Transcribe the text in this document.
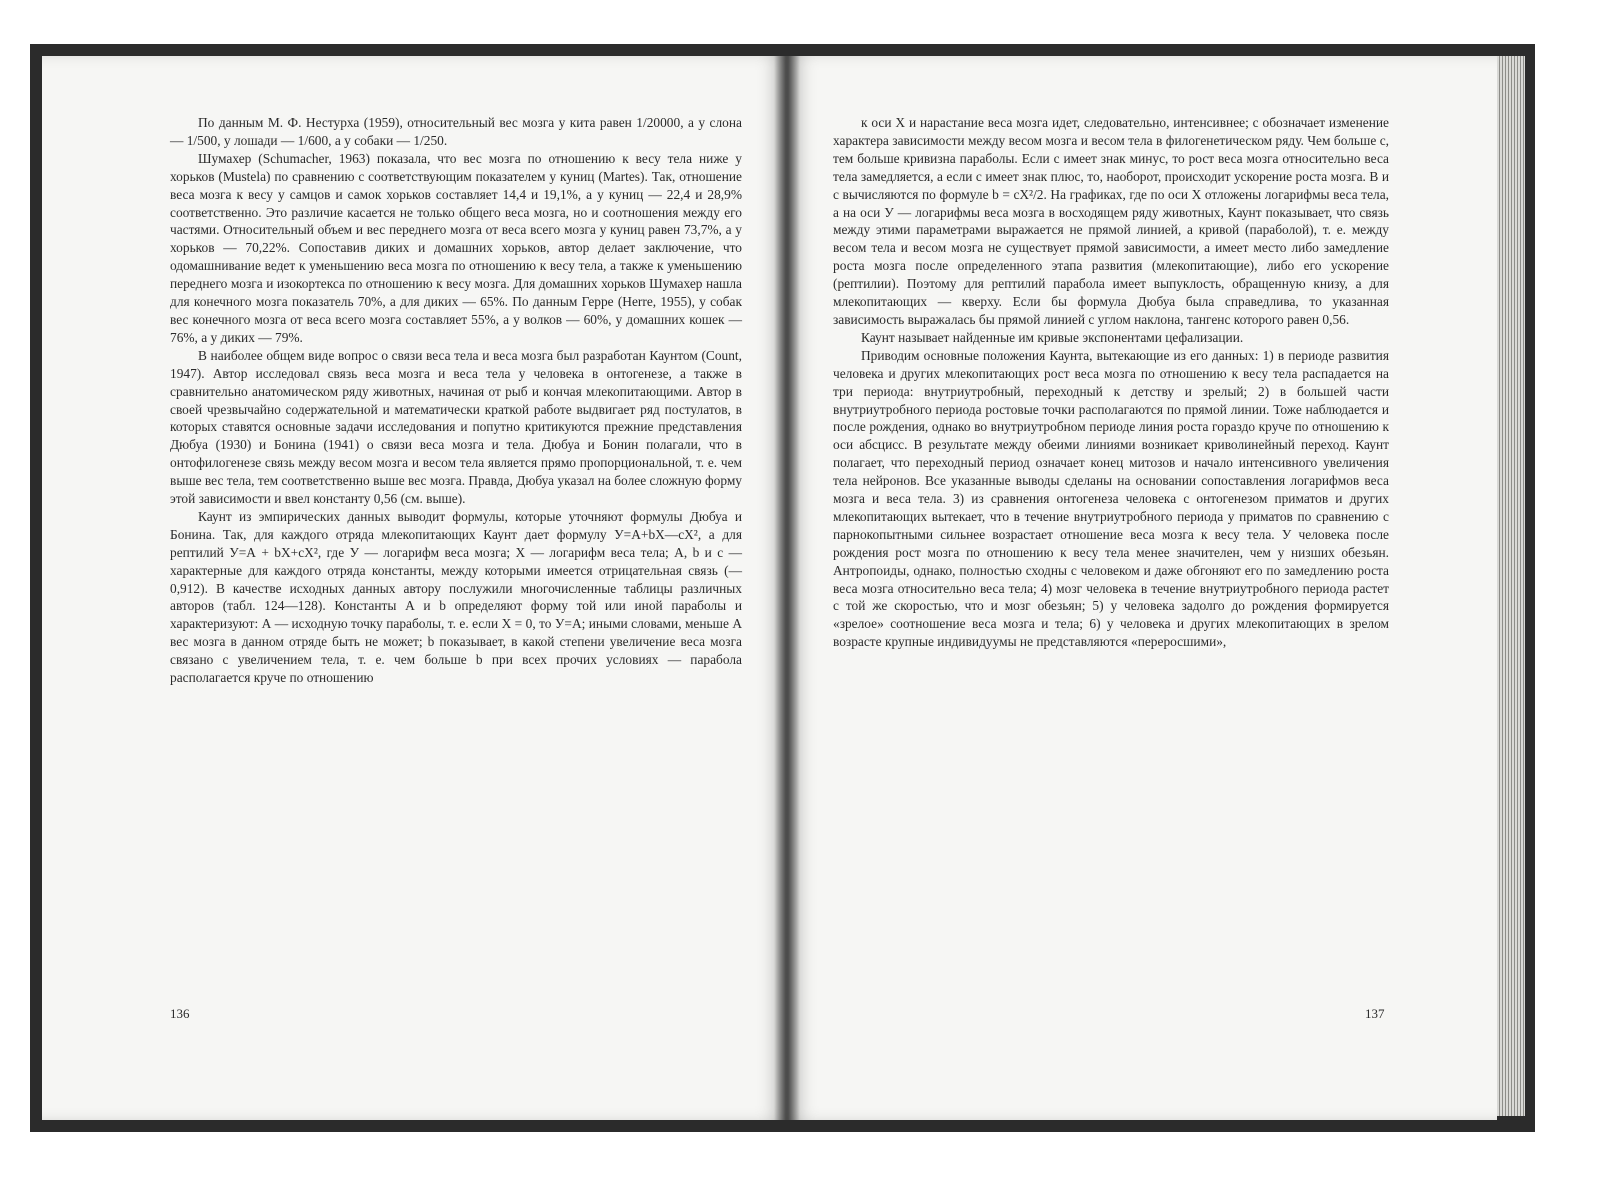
По данным М. Ф. Нестурха (1959), относительный вес мозга у кита равен 1/20000, а у слона — 1/500, у лошади — 1/600, а у собаки — 1/250.

Шумахер (Schumacher, 1963) показала, что вес мозга по отношению к весу тела ниже у хорьков (Mustela) по сравнению с соответствующим показателем у куниц (Martes). Так, отношение веса мозга к весу у самцов и самок хорьков составляет 14,4 и 19,1%, а у куниц — 22,4 и 28,9% соответственно. Это различие касается не только общего веса мозга, но и соотношения между его частями. Относительный объем и вес переднего мозга от веса всего мозга у куниц равен 73,7%, а у хорьков — 70,22%. Сопоставив диких и домашних хорьков, автор делает заключение, что одомашнивание ведет к уменьшению веса мозга по отношению к весу тела, а также к уменьшению переднего мозга и изокортекса по отношению к весу мозга. Для домашних хорьков Шумахер нашла для конечного мозга показатель 70%, а для диких — 65%. По данным Герре (Herre, 1955), у собак вес конечного мозга от веса всего мозга составляет 55%, а у волков — 60%, у домашних кошек — 76%, а у диких — 79%.

В наиболее общем виде вопрос о связи веса тела и веса мозга был разработан Каунтом (Count, 1947). Автор исследовал связь веса мозга и веса тела у человека в онтогенезе, а также в сравнительно анатомическом ряду животных, начиная от рыб и кончая млекопитающими. Автор в своей чрезвычайно содержательной и математически краткой работе выдвигает ряд постулатов, в которых ставятся основные задачи исследования и попутно критикуются прежние представления Дюбуа (1930) и Бонина (1941) о связи веса мозга и тела. Дюбуа и Бонин полагали, что в онтофилогенезе связь между весом мозга и весом тела является прямо пропорциональной, т. е. чем выше вес тела, тем соответственно выше вес мозга. Правда, Дюбуа указал на более сложную форму этой зависимости и ввел константу 0,56 (см. выше).

Каунт из эмпирических данных выводит формулы, которые уточняют формулы Дюбуа и Бонина. Так, для каждого отряда млекопитающих Каунт дает формулу У=А+bХ—сХ², а для рептилий У=А + bХ+сХ², где У — логарифм веса мозга; Х — логарифм веса тела; А, b и с — характерные для каждого отряда константы, между которыми имеется отрицательная связь (—0,912). В качестве исходных данных автору послужили многочисленные таблицы различных авторов (табл. 124—128). Константы А и b определяют форму той или иной параболы и характеризуют: А — исходную точку параболы, т. е. если Х = 0, то У=А; иными словами, меньше А вес мозга в данном отряде быть не может; b показывает, в какой степени увеличение веса мозга связано с увеличением тела, т. е. чем больше b при всех прочих условиях — парабола располагается круче по отношению

136

к оси Х и нарастание веса мозга идет, следовательно, интенсивнее; с обозначает изменение характера зависимости между весом мозга и весом тела в филогенетическом ряду. Чем больше с, тем больше кривизна параболы. Если с имеет знак минус, то рост веса мозга относительно веса тела замедляется, а если с имеет знак плюс, то, наоборот, происходит ускорение роста мозга. В и с вычисляются по формуле b = cX²/2. На графиках, где по оси Х отложены логарифмы веса тела, а на оси У — логарифмы веса мозга в восходящем ряду животных, Каунт показывает, что связь между этими параметрами выражается не прямой линией, а кривой (параболой), т. е. между весом тела и весом мозга не существует прямой зависимости, а имеет место либо замедление роста мозга после определенного этапа развития (млекопитающие), либо его ускорение (рептилии). Поэтому для рептилий парабола имеет выпуклость, обращенную книзу, а для млекопитающих — кверху. Если бы формула Дюбуа была справедлива, то указанная зависимость выражалась бы прямой линией с углом наклона, тангенс которого равен 0,56.

Каунт называет найденные им кривые экспонентами цефализации.

Приводим основные положения Каунта, вытекающие из его данных: 1) в периоде развития человека и других млекопитающих рост веса мозга по отношению к весу тела распадается на три периода: внутриутробный, переходный к детству и зрелый; 2) в большей части внутриутробного периода ростовые точки располагаются по прямой линии. Тоже наблюдается и после рождения, однако во внутриутробном периоде линия роста гораздо круче по отношению к оси абсцисс. В результате между обеими линиями возникает криволинейный переход. Каунт полагает, что переходный период означает конец митозов и начало интенсивного увеличения тела нейронов. Все указанные выводы сделаны на основании сопоставления логарифмов веса мозга и веса тела. 3) из сравнения онтогенеза человека с онтогенезом приматов и других млекопитающих вытекает, что в течение внутриутробного периода у приматов по сравнению с парнокопытными сильнее возрастает отношение веса мозга к весу тела. У человека после рождения рост мозга по отношению к весу тела менее значителен, чем у низших обезьян. Антропоиды, однако, полностью сходны с человеком и даже обгоняют его по замедлению роста веса мозга относительно веса тела; 4) мозг человека в течение внутриутробного периода растет с той же скоростью, что и мозг обезьян; 5) у человека задолго до рождения формируется «зрелое» соотношение веса мозга и тела; 6) у человека и других млекопитающих в зрелом возрасте крупные индивидуумы не представляются «переросшими»,

137
